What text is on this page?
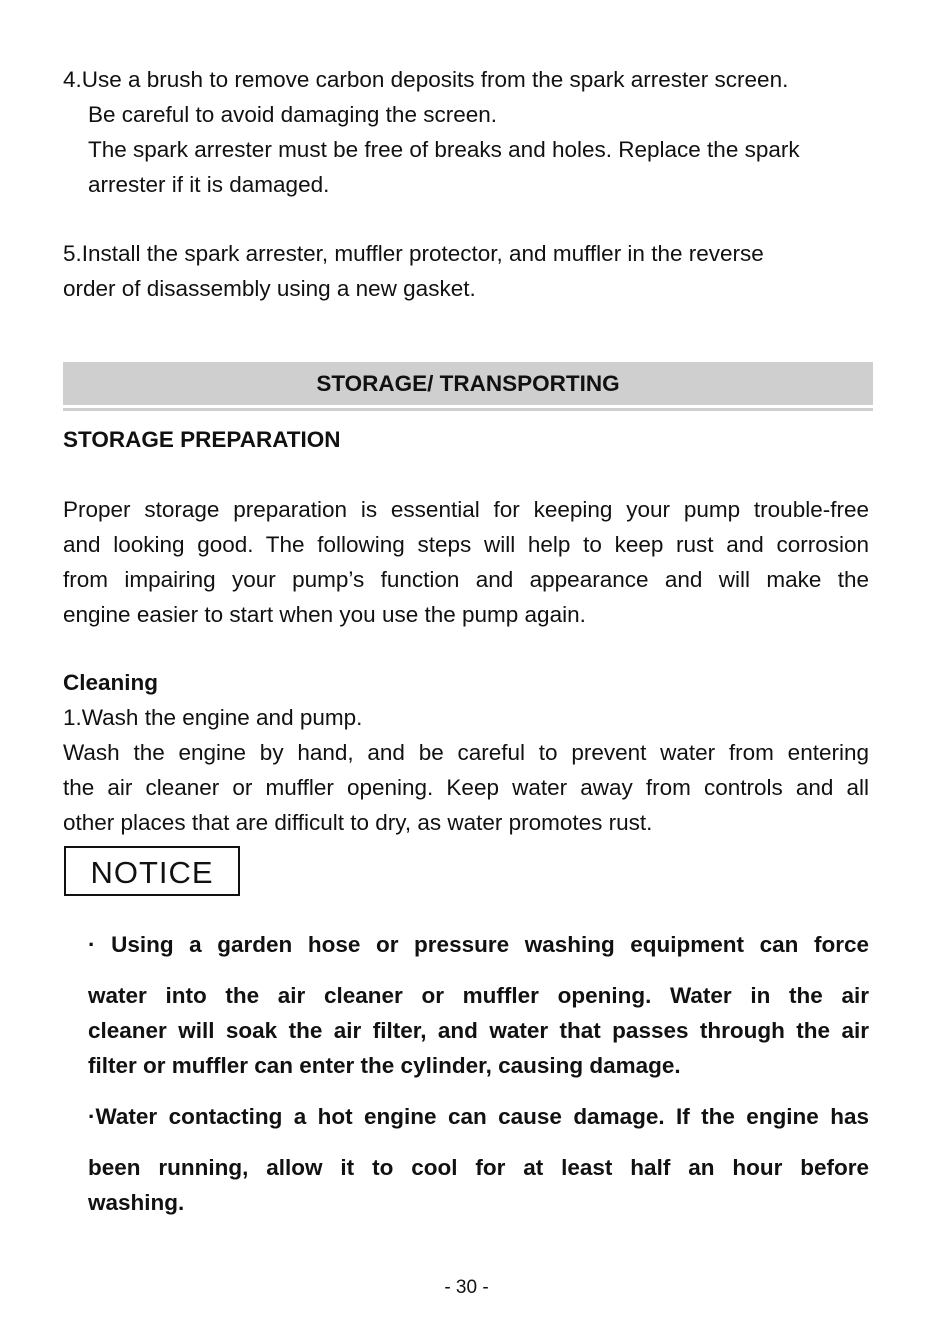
4.Use a brush to remove carbon deposits from the spark arrester screen.
Be careful to avoid damaging the screen.
The spark arrester must be free of breaks and holes. Replace the spark
arrester if it is damaged.
5.Install the spark arrester, muffler protector, and muffler in the reverse
order of disassembly using a new gasket.
STORAGE/ TRANSPORTING
STORAGE PREPARATION
Proper storage preparation is essential for keeping your pump trouble-free
and looking good. The following steps will help to keep rust and corrosion
from impairing your pump’s function and appearance and will make the
engine easier to start when you use the pump again.
Cleaning
1.Wash the engine and pump.
Wash the engine by hand, and be careful to prevent water from entering
the air cleaner or muffler opening. Keep water away from controls and all
other places that are difficult to dry, as water promotes rust.
NOTICE
· Using a garden hose or pressure washing equipment can force
water into the air cleaner or muffler opening. Water in the air
cleaner will soak the air filter, and water that passes through the air
filter or muffler can enter the cylinder, causing damage.
·Water contacting a hot engine can cause damage. If the engine has
been running, allow it to cool for at least half an hour before
washing.
- 30 -
